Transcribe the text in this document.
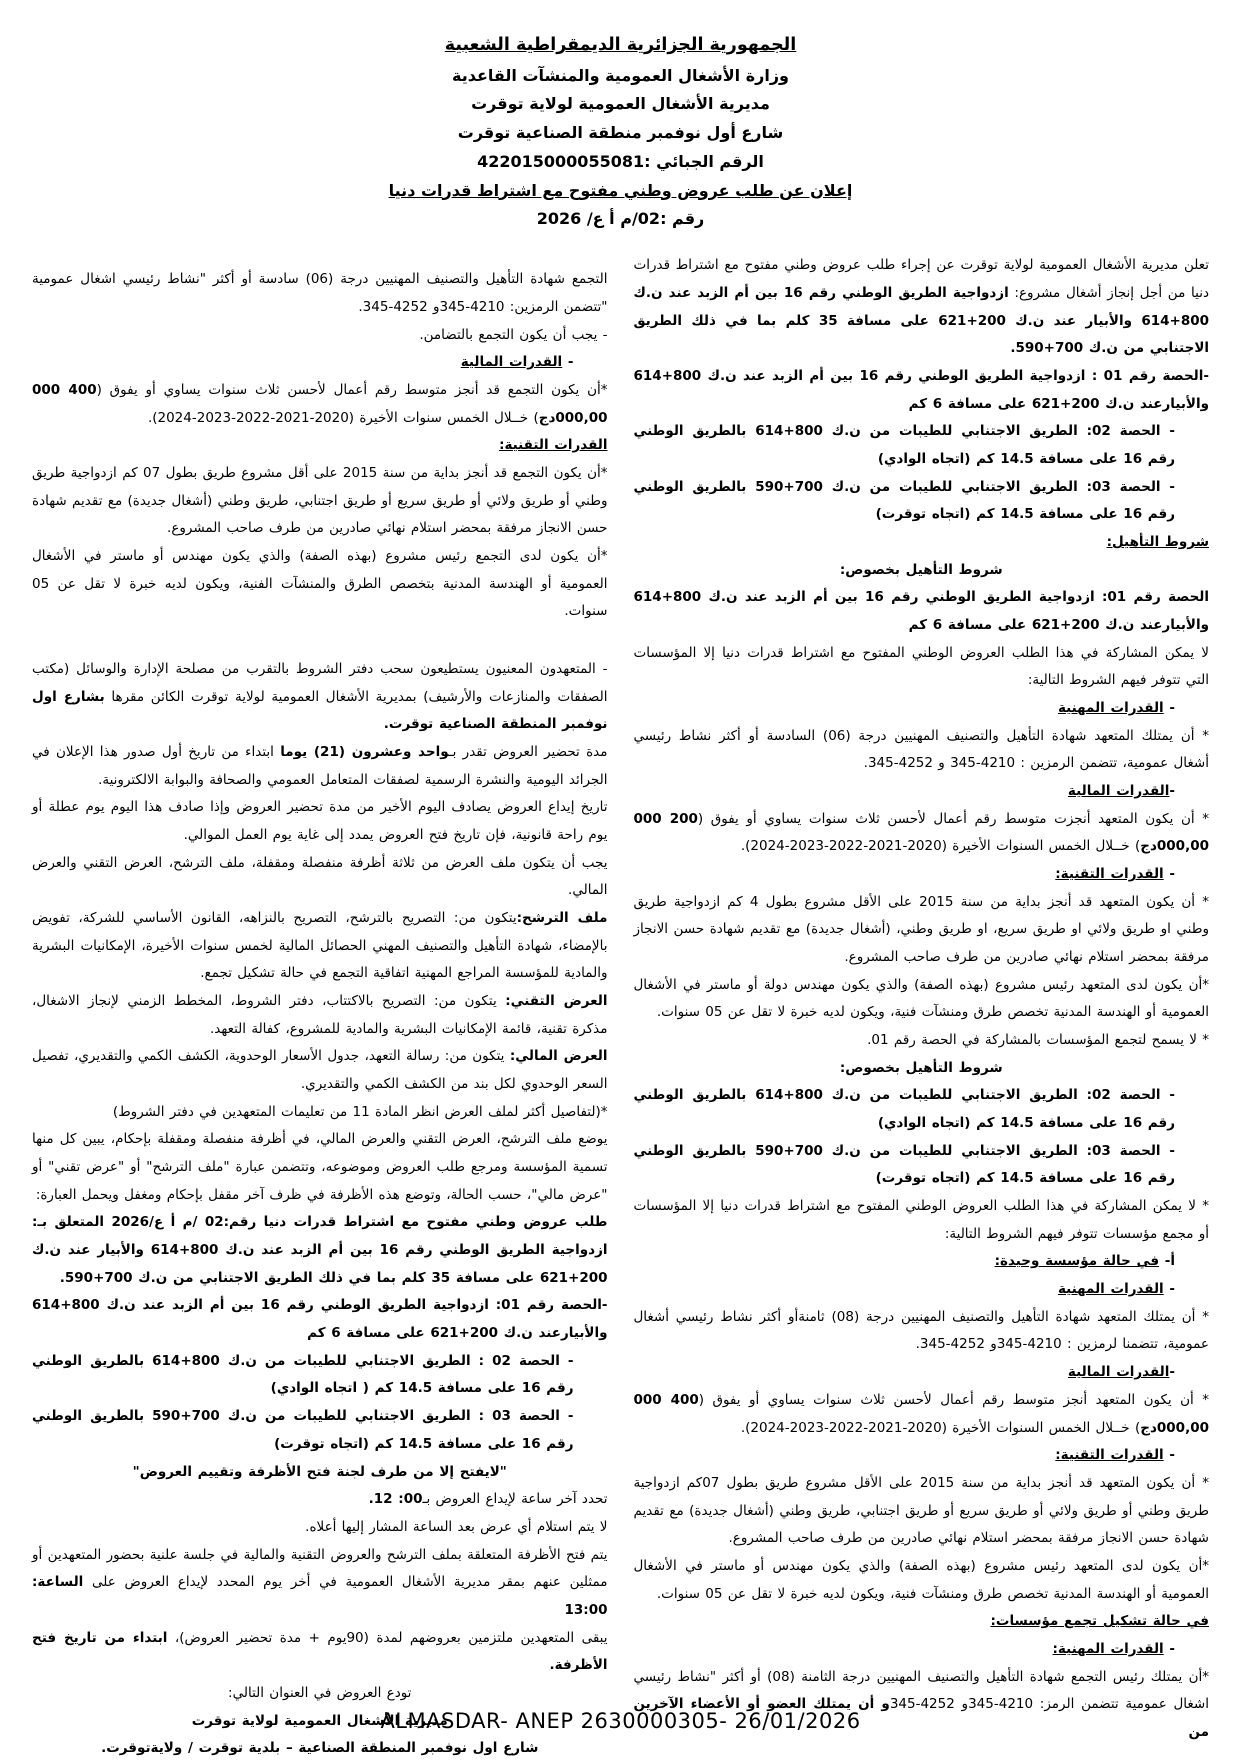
الجمهورية الجزائرية الديمقراطية الشعبية
وزارة الأشغال العمومية والمنشآت القاعدية
مديرية الأشغال العمومية لولاية توقرت
شارع أول نوفمبر منطقة الصناعية توقرت
الرقم الجبائي :422015000055081
إعلان عن طلب عروض وطني مفتوح مع اشتراط قدرات دنيا
رقم :02/م أ ع/ 2026

تعلن مديرية الأشغال العمومية لولاية توقرت عن إجراء طلب عروض وطني مفتوح مع اشتراط قدرات دنيا من أجل إنجاز أشغال مشروع: ازدواجية الطريق الوطني رقم 16 بين أم الزبد عند ن.ك 800+614 والأبيار عند ن.ك 200+621 على مسافة 35 كلم بما في ذلك الطريق الاجتنابي من ن.ك 700+590.

-الحصة رقم 01 : ازدواجية الطريق الوطني رقم 16 بين أم الزبد عند ن.ك 800+614 والأبيارعند ن.ك 200+621 على مسافة 6 كم

- الحصة 02: الطريق الاجتنابي للطيبات من ن.ك 800+614 بالطريق الوطني رقم 16 على مسافة 14.5 كم (اتجاه الوادي)

- الحصة 03: الطريق الاجتنابي للطيبات من ن.ك 700+590 بالطريق الوطني رقم 16 على مسافة 14.5 كم (اتجاه توقرت)

شروط التأهيل:

شروط التأهيل بخصوص:

الحصة رقم 01: ازدواجية الطريق الوطني رقم 16 بين أم الزبد عند ن.ك 800+614 والأبيارعند ن.ك 200+621 على مسافة 6 كم

لا يمكن المشاركة في هذا الطلب العروض الوطني المفتوح مع اشتراط قدرات دنيا إلا المؤسسات التي تتوفر فيهم الشروط التالية:

- القدرات المهنية

* أن يمتلك المتعهد شهادة التأهيل والتصنيف المهنيين درجة (06) السادسة أو أكثر نشاط رئيسي أشغال عمومية، تتضمن الرمزين : 4210-345 و 4252-345.

-القدرات المالية

* أن يكون المتعهد أنجزت متوسط رقم أعمال لأحسن ثلاث سنوات يساوي أو يفوق (200 000 000,00دج) خــلال الخمس السنوات الأخيرة (2020-2021-2022-2023-2024).

- القدرات التقنية:

* أن يكون المتعهد قد أنجز بداية من سنة 2015 على الأقل مشروع بطول 4 كم ازدواجية طريق وطني او طريق ولائي او طريق سريع، او طريق وطني، (أشغال جديدة) مع تقديم شهادة حسن الانجاز مرفقة بمحضر استلام نهائي صادرين من طرف صاحب المشروع.

*أن يكون لدى المتعهد رئيس مشروع (بهذه الصفة) والذي يكون مهندس دولة أو ماستر في الأشغال العمومية أو الهندسة المدنية تخصص طرق ومنشآت فنية، ويكون لديه خبرة لا تقل عن 05 سنوات.

* لا يسمح لتجمع المؤسسات بالمشاركة في الحصة رقم 01.

شروط التأهيل بخصوص:

- الحصة 02: الطريق الاجتنابي للطيبات من ن.ك 800+614 بالطريق الوطني رقم 16 على مسافة 14.5 كم (اتجاه الوادي)

- الحصة 03: الطريق الاجتنابي للطيبات من ن.ك 700+590 بالطريق الوطني رقم 16 على مسافة 14.5 كم (اتجاه توقرت)

* لا يمكن المشاركة في هذا الطلب العروض الوطني المفتوح مع اشتراط قدرات دنيا إلا المؤسسات أو مجمع مؤسسات تتوفر فيهم الشروط التالية:

أ- في حالة مؤسسة وحيدة:

- القدرات المهنية

* أن يمتلك المتعهد شهادة التأهيل والتصنيف المهنيين درجة (08) ثامنةأو أكثر نشاط رئيسي أشغال عمومية، تتضمنا لرمزين : 4210-345و 4252-345.

-القدرات المالية

* أن يكون المتعهد أنجز متوسط رقم أعمال لأحسن ثلاث سنوات يساوي أو يفوق (400 000 000,00دج) خــلال الخمس السنوات الأخيرة (2020-2021-2022-2023-2024).

- القدرات التقنية:

* أن يكون المتعهد قد أنجز بداية من سنة 2015 على الأقل مشروع طريق بطول 07كم ازدواجية طريق وطني أو طريق ولائي أو طريق سريع أو طريق اجتنابي، طريق وطني (أشغال جديدة) مع تقديم شهادة حسن الانجاز مرفقة بمحضر استلام نهائي صادرين من طرف صاحب المشروع.

*أن يكون لدى المتعهد رئيس مشروع (بهذه الصفة) والذي يكون مهندس أو ماستر في الأشغال العمومية أو الهندسة المدنية تخصص طرق ومنشآت فنية، ويكون لديه خبرة لا تقل عن 05 سنوات.

في حالة تشكيل تجمع مؤسسات:

- القدرات المهنية:

*أن يمتلك رئيس التجمع شهادة التأهيل والتصنيف المهنيين درجة الثامنة (08) أو أكثر "نشاط رئيسي اشغال عمومية تتضمن الرمز: 4210-345و 4252-345و أن يمتلك العضو أو الأعضاء الآخرين من

التجمع شهادة التأهيل والتصنيف المهنيين درجة (06) سادسة أو أكثر "نشاط رئيسي اشغال عمومية "تتضمن الرمزين: 4210-345و 4252-345.

- يجب أن يكون التجمع بالتضامن.

- القدرات المالية

*أن يكون التجمع قد أنجز متوسط رقم أعمال لأحسن ثلاث سنوات يساوي أو يفوق (400 000 000,00دج) خــلال الخمس سنوات الأخيرة (2020-2021-2022-2023-2024).

القدرات التقنية:

*أن يكون التجمع قد أنجز بداية من سنة 2015 على أقل مشروع طريق بطول 07 كم ازدواجية طريق وطني أو طريق ولائي أو طريق سريع أو طريق اجتنابي، طريق وطني (أشغال جديدة) مع تقديم شهادة حسن الانجاز مرفقة بمحضر استلام نهائي صادرين من طرف صاحب المشروع.

*أن يكون لدى التجمع رئيس مشروع (بهذه الصفة) والذي يكون مهندس أو ماستر في الأشغال العمومية أو الهندسة المدنية بتخصص الطرق والمنشآت الفنية، ويكون لديه خبرة لا تقل عن 05 سنوات.

- المتعهدون المعنيون يستطيعون سحب دفتر الشروط بالتقرب من مصلحة الإدارة والوسائل (مكتب الصفقات والمنازعات والأرشيف) بمديرية الأشغال العمومية لولاية توقرت الكائن مقرها بشارع اول نوفمبر المنطقة الصناعية توقرت.

مدة تحضير العروض تقدر بـواحد وعشرون (21) يوما ابتداء من تاريخ أول صدور هذا الإعلان في الجرائد اليومية والنشرة الرسمية لصفقات المتعامل العمومي والصحافة والبوابة الالكترونية.

تاريخ إيداع العروض يصادف اليوم الأخير من مدة تحضير العروض وإذا صادف هذا اليوم يوم عطلة أو يوم راحة قانونية، فإن تاريخ فتح العروض يمدد إلى غاية يوم العمل الموالي.

يجب أن يتكون ملف العرض من ثلاثة أظرفة منفصلة ومقفلة، ملف الترشح، العرض التقني والعرض المالي.

ملف الترشح:يتكون من: التصريح بالترشح، التصريح بالنزاهه، القانون الأساسي للشركة، تفويض بالإمضاء، شهادة التأهيل والتصنيف المهني الحصائل المالية لخمس سنوات الأخيرة، الإمكانيات البشرية والمادية للمؤسسة المراجع المهنية اتفاقية التجمع في حالة تشكيل تجمع.

العرض التقني: يتكون من: التصريح بالاكتتاب، دفتر الشروط، المخطط الزمني لإنجاز الاشغال، مذكرة تقنية، قائمة الإمكانيات البشرية والمادية للمشروع، كفالة التعهد.

العرض المالي: يتكون من: رسالة التعهد، جدول الأسعار الوحدوية، الكشف الكمي والتقديري، تفصيل السعر الوحدوي لكل بند من الكشف الكمي والتقديري.

*(لتفاصيل أكثر لملف العرض انظر المادة 11 من تعليمات المتعهدين في دفتر الشروط)

يوضع ملف الترشح، العرض التقني والعرض المالي، في أظرفة منفصلة ومقفلة بإحكام، يبين كل منها تسمية المؤسسة ومرجع طلب العروض وموضوعه، وتتضمن عبارة "ملف الترشح" أو "عرض تقني" أو "عرض مالي"، حسب الحالة، وتوضع هذه الأظرفة في ظرف آخر مقفل بإحكام ومغفل ويحمل العبارة:

طلب عروض وطني مفتوح مع اشتراط قدرات دنيا رقم:02 /م أ ع/2026 المتعلق بـ: ازدواجية الطريق الوطني رقم 16 بين أم الزبد عند ن.ك 800+614 والأبيار عند ن.ك 200+621 على مسافة 35 كلم بما في ذلك الطريق الاجتنابي من ن.ك 700+590.

-الحصة رقم 01: ازدواجية الطريق الوطني رقم 16 بين أم الزبد عند ن.ك 800+614 والأبيارعند ن.ك 200+621 على مسافة 6 كم

- الحصة 02 : الطريق الاجتنابي للطيبات من ن.ك 800+614 بالطريق الوطني رقم 16 على مسافة 14.5 كم ( اتجاه الوادي)

- الحصة 03 : الطريق الاجتنابي للطيبات من ن.ك 700+590 بالطريق الوطني رقم 16 على مسافة 14.5 كم (اتجاه توقرت)

"لايفتح إلا من طرف لجنة فتح الأظرفة وتقييم العروض"

تحدد آخر ساعة لإيداع العروض بـ00: 12.

لا يتم استلام أي عرض بعد الساعة المشار إليها أعلاه.

يتم فتح الأظرفة المتعلقة بملف الترشح والعروض التقنية والمالية في جلسة علنية بحضور المتعهدين أو ممثلين عنهم بمقر مديرية الأشغال العمومية في أخر يوم المحدد لإيداع العروض على الساعة: 13:00

يبقى المتعهدين ملتزمين بعروضهم لمدة (90يوم + مدة تحضير العروض)، ابتداء من تاريخ فتح الأظرفة.

تودع العروض في العنوان التالي:

مديرية الأشغال العمومية لولاية توقرت

شارع اول نوفمبر المنطقة الصناعية – بلدية توقرت / ولايةتوقرت.

ALMASDAR- ANEP 2630000305- 26/01/2026
